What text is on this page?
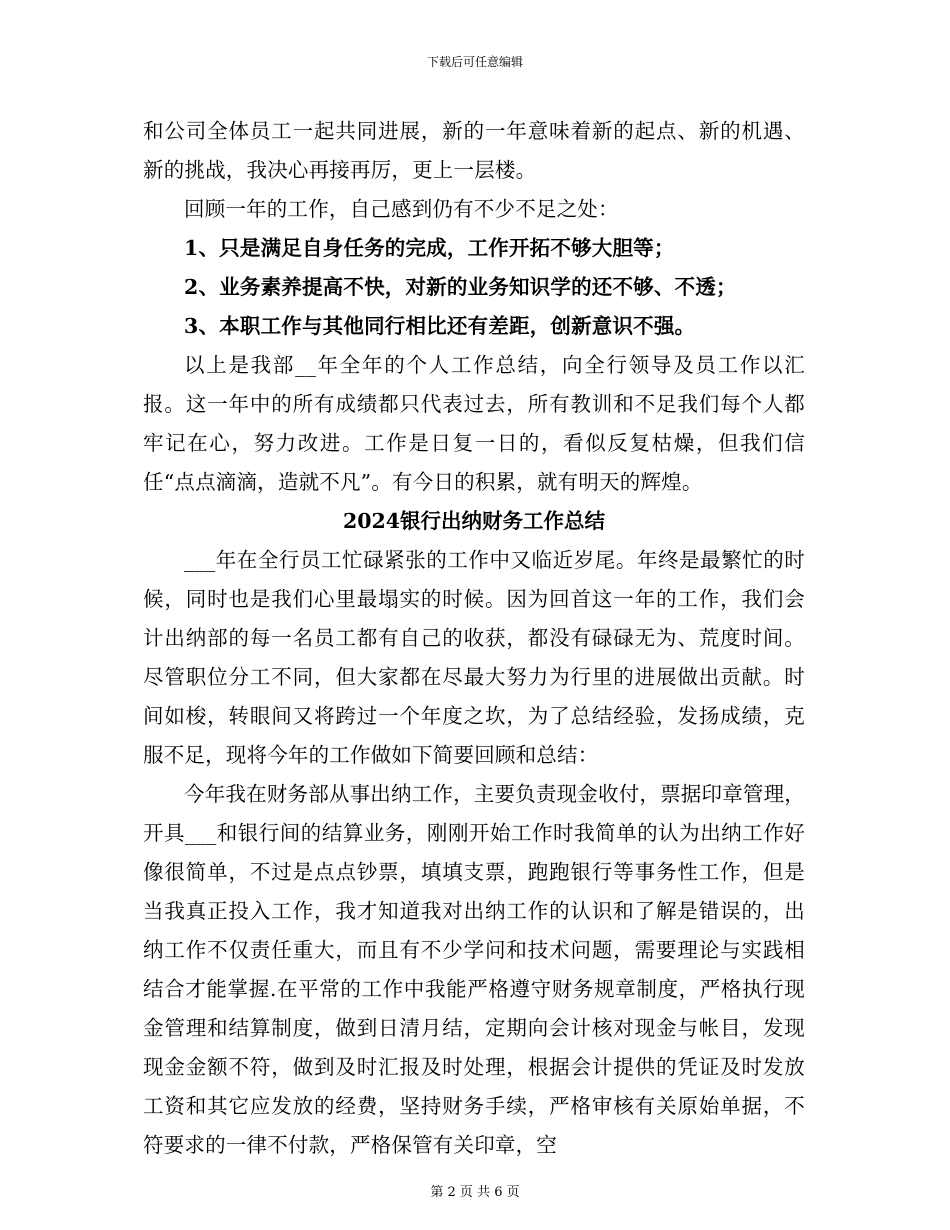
下载后可任意编辑

和公司全体员工一起共同进展，新的一年意味着新的起点、新的机遇、新的挑战，我决心再接再厉，更上一层楼。

回顾一年的工作，自己感到仍有不少不足之处：

1、只是满足自身任务的完成，工作开拓不够大胆等；

2、业务素养提高不快，对新的业务知识学的还不够、不透；

3、本职工作与其他同行相比还有差距，创新意识不强。

以上是我部__年全年的个人工作总结，向全行领导及员工作以汇报。这一年中的所有成绩都只代表过去，所有教训和不足我们每个人都牢记在心，努力改进。工作是日复一日的，看似反复枯燥，但我们信任“点点滴滴，造就不凡”。有今日的积累，就有明天的辉煌。

2024银行出纳财务工作总结

___年在全行员工忙碌紧张的工作中又临近岁尾。年终是最繁忙的时候，同时也是我们心里最塌实的时候。因为回首这一年的工作，我们会计出纳部的每一名员工都有自己的收获，都没有碌碌无为、荒度时间。尽管职位分工不同，但大家都在尽最大努力为行里的进展做出贡献。时间如梭，转眼间又将跨过一个年度之坎，为了总结经验，发扬成绩，克服不足，现将今年的工作做如下简要回顾和总结：

今年我在财务部从事出纳工作，主要负责现金收付，票据印章管理，开具___和银行间的结算业务，刚刚开始工作时我简单的认为出纳工作好像很简单，不过是点点钞票，填填支票，跑跑银行等事务性工作，但是当我真正投入工作，我才知道我对出纳工作的认识和了解是错误的，出纳工作不仅责任重大，而且有不少学问和技术问题，需要理论与实践相结合才能掌握.在平常的工作中我能严格遵守财务规章制度，严格执行现金管理和结算制度，做到日清月结，定期向会计核对现金与帐目，发现现金金额不符，做到及时汇报及时处理，根据会计提供的凭证及时发放工资和其它应发放的经费，坚持财务手续，严格审核有关原始单据，不符要求的一律不付款，严格保管有关印章，空

第 2 页 共 6 页
